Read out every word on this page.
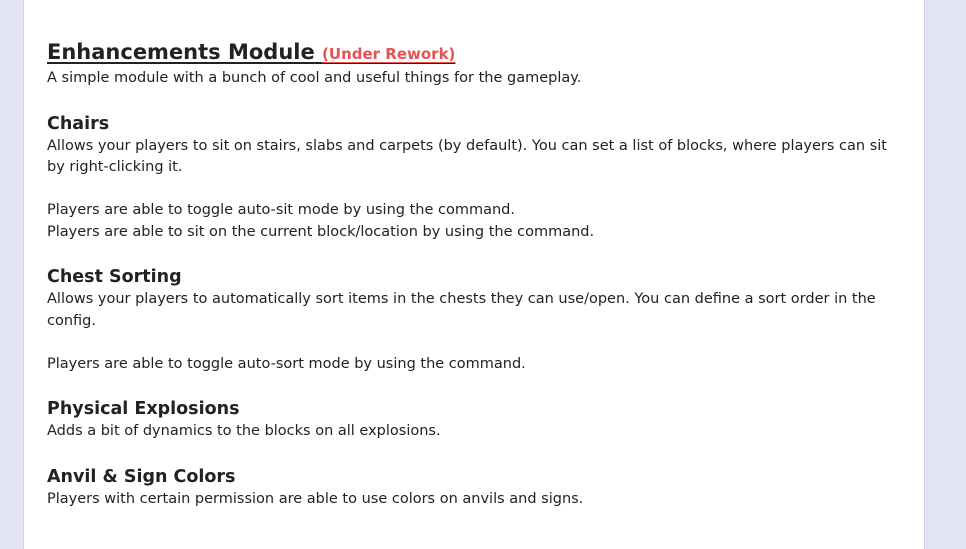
Enhancements Module (Under Rework)

A simple module with a bunch of cool and useful things for the gameplay.

Chairs

Allows your players to sit on stairs, slabs and carpets (by default). You can set a list of blocks, where players can sit by right-clicking it.

Players are able to toggle auto-sit mode by using the command.

Players are able to sit on the current block/location by using the command.

Chest Sorting

Allows your players to automatically sort items in the chests they can use/open. You can define a sort order in the config.

Players are able to toggle auto-sort mode by using the command.

Physical Explosions

Adds a bit of dynamics to the blocks on all explosions.

Anvil & Sign Colors

Players with certain permission are able to use colors on anvils and signs.
